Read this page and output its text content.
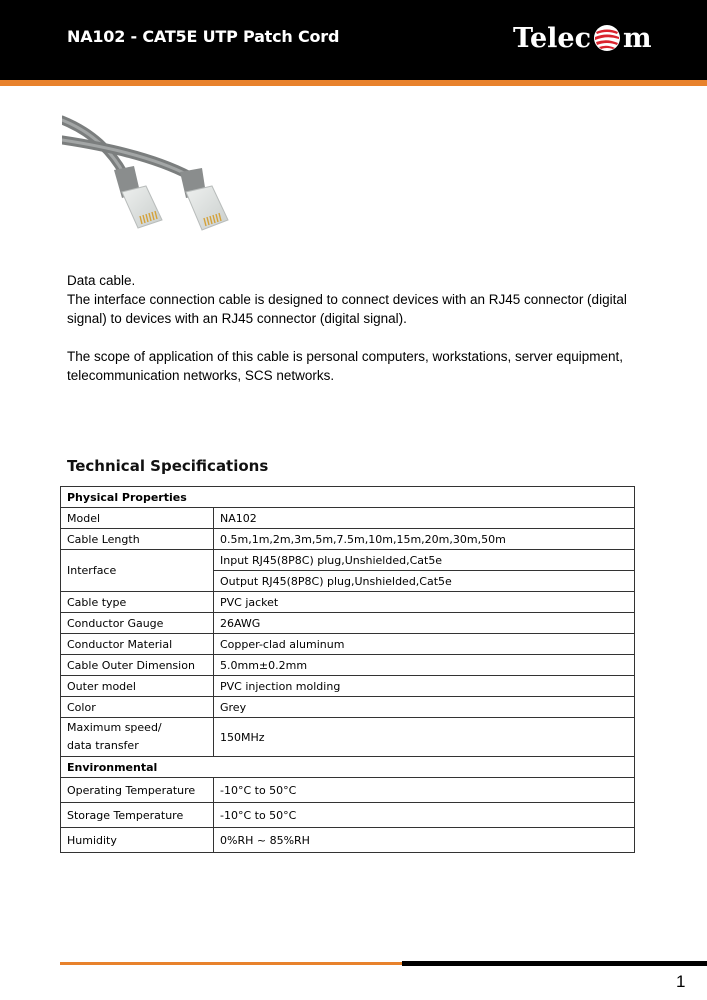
NA102 - CAT5E UTP Patch Cord	Telec m

Data cable.

The interface connection cable is designed to connect devices with an RJ45 connector (digital signal) to devices with an RJ45 connector (digital signal).

The scope of application of this cable is personal computers, workstations, server equipment, telecommunication networks, SCS networks.

Technical Specifications
Physical Properties	
Model	NA102
Cable Length	0.5m,1m,2m,3m,5m,7.5m,10m,15m,20m,30m,50m
Interface	Input RJ45(8P8C) plug,Unshielded,Cat5e
	Output RJ45(8P8C) plug,Unshielded,Cat5e
Cable type	PVC jacket
Conductor Gauge	26AWG
Conductor Material	Copper-clad aluminum
Cable Outer Dimension	5.0mm±0.2mm
Outer model	PVC injection molding
Color	Grey

Maximum speed/
data transfer	150MHz
Environmental	
Operating Temperature	-10°C to 50°C
Storage Temperature	-10°C to 50°C
Humidity	0%RH ~ 85%RH
1
